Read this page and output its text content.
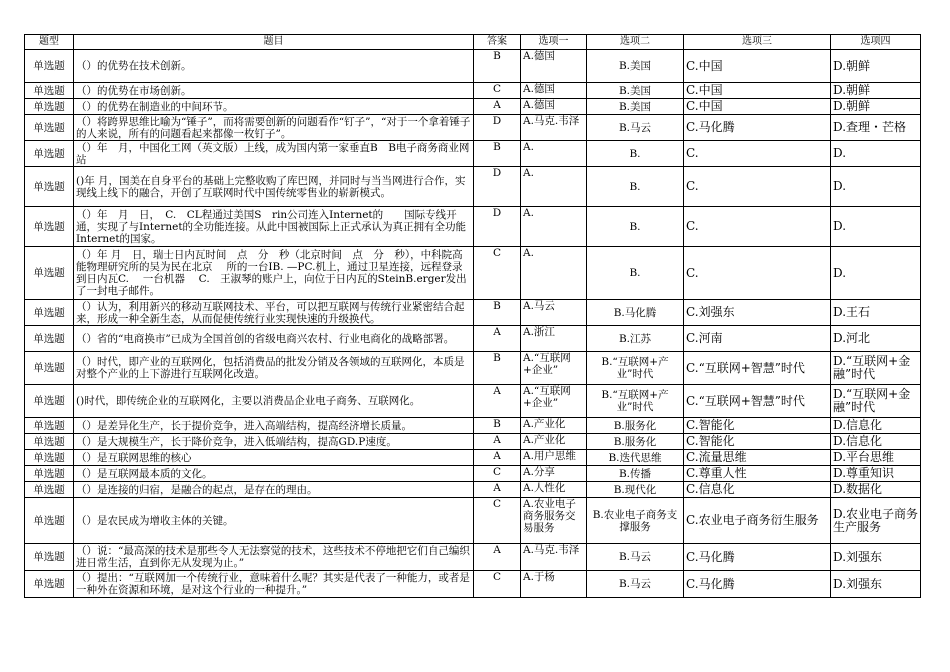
题型	题目	答案	选项一	选项二	选项三	选项四
单选题	（）的优势在技术创新。	B	A.德国	B.美国	C.中国	D.朝鲜
单选题	（）的优势在市场创新。	C	A.德国	B.美国	C.中国	D.朝鲜
单选题	（）的优势在制造业的中间环节。	A	A.德国	B.美国	C.中国	D.朝鲜
单选题	（）将跨界思维比喻为“锤子”，而将需要创新的问题看作“钉子”，“对于一个拿着锤子的人来说，所有的问题看起来都像一枚钉子”。	D	A.马克.韦泽	B.马云	C.马化腾	D.查理・芒格
单选题	（）年　月，中国化工网（英文版）上线，成为国内第一家垂直B　B电子商务商业网站	B	A.	B.	C.	D.
单选题	()年 月，国美在自身平台的基础上完整收购了库巴网，并同时与当当网进行合作，实现线上线下的融合，开创了互联网时代中国传统零售业的崭新模式。	D	A.	B.	C.	D.
单选题	（）年　月　日，　C.　CL程通过美国S　rin公司连入Internet的　　国际专线开通，实现了与Internet的全功能连接。从此中国被国际上正式承认为真正拥有全功能Internet的国家。	D	A.	B.	C.	D.
单选题	（）年 月　日，瑞士日内瓦时间　点　分　秒（北京时间　点　分　秒），中科院高能物理研究所的吴为民在北京　 所的一台IB. —PC.机上，通过卫星连接，远程登录到日内瓦C.　 一台机器　 C.　王淑琴的账户上，向位于日内瓦的SteinB.erger发出了一封电子邮件。	C	A.	B.	C.	D.
单选题	（）认为，利用新兴的移动互联网技术、平台，可以把互联网与传统行业紧密结合起来，形成一种全新生态，从而促使传统行业实现快速的升级换代。	B	A.马云	B.马化腾	C.刘强东	D.王石
单选题	（）省的“电商换市”已成为全国首创的省级电商兴农村、行业电商化的战略部署。	A	A.浙江	B.江苏	C.河南	D.河北
单选题	（）时代，即产业的互联网化，包括消费品的批发分销及各领域的互联网化，本质是对整个产业的上下游进行互联网化改造。	B	A.“互联网+企业”	B.“互联网+产业”时代	C.“互联网+智慧”时代	D.“互联网+金融”时代
单选题	()时代，即传统企业的互联网化，主要以消费品企业电子商务、互联网化。	A	A.“互联网+企业”	B.“互联网+产业”时代	C.“互联网+智慧”时代	D.“互联网+金融”时代
单选题	（）是差异化生产，长于提价竞争，进入高端结构，提高经济增长质量。	B	A.产业化	B.服务化	C.智能化	D.信息化
单选题	（）是大规模生产，长于降价竞争，进入低端结构，提高GD.P速度。	A	A.产业化	B.服务化	C.智能化	D.信息化
单选题	（）是互联网思维的核心	A	A.用户思维	B.迭代思维	C.流量思维	D.平台思维
单选题	（）是互联网最本质的文化。	C	A.分享	B.传播	C.尊重人性	D.尊重知识
单选题	（）是连接的归宿，是融合的起点，是存在的理由。	A	A.人性化	B.现代化	C.信息化	D.数据化
单选题	（）是农民成为增收主体的关键。	C	A.农业电子商务服务交易服务	B.农业电子商务支撑服务	C.农业电子商务衍生服务	D.农业电子商务生产服务
单选题	（）说：“最高深的技术是那些令人无法察觉的技术，这些技术不停地把它们自己编织进日常生活，直到你无从发现为止。”	A	A.马克.韦泽	B.马云	C.马化腾	D.刘强东
单选题	（）提出：“互联网加一个传统行业，意味着什么呢？其实是代表了一种能力，或者是一种外在资源和环境，是对这个行业的一种提升。”	C	A.于杨	B.马云	C.马化腾	D.刘强东
